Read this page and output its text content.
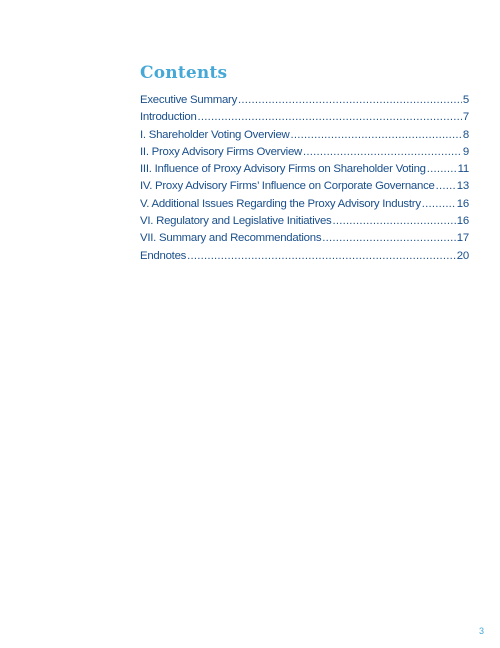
Contents
Executive Summary .....	5
Introduction .....	7
I. Shareholder Voting Overview .....	8
II. Proxy Advisory Firms Overview .....	9
III. Influence of Proxy Advisory Firms on Shareholder Voting .....	11
IV. Proxy Advisory Firms’ Influence on Corporate Governance ..... 13
V. Additional Issues Regarding the Proxy Advisory Industry .....	16
VI. Regulatory and Legislative Initiatives .....	16
VII. Summary and Recommendations .....	17
Endnotes .....	20
3
